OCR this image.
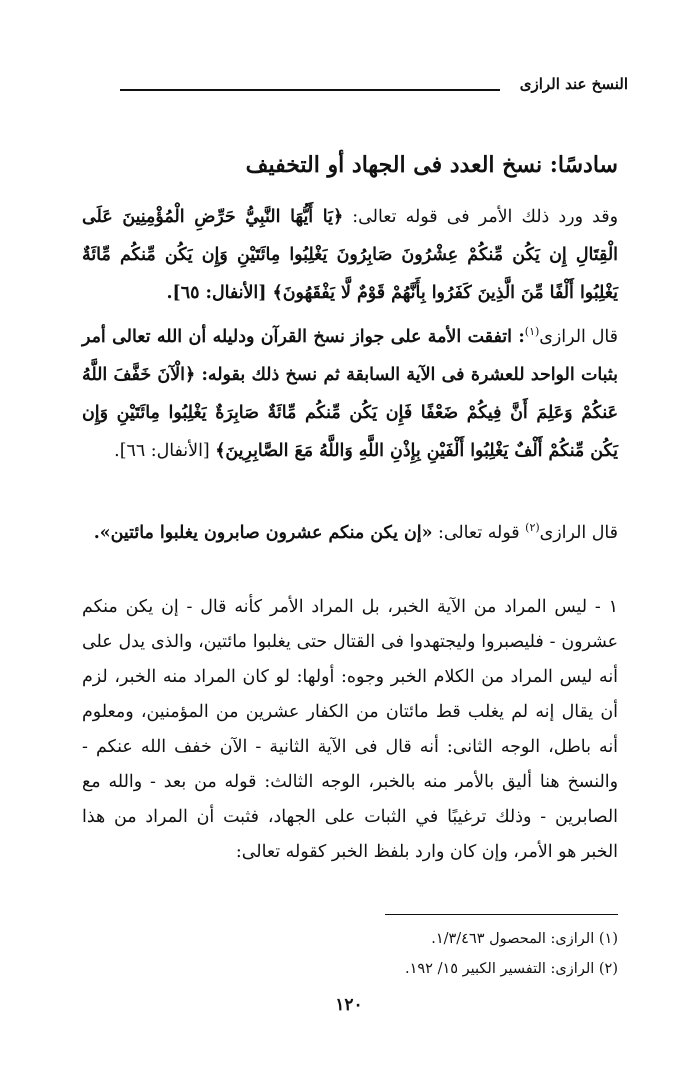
النسخ عند الرازى
سادسًا: نسخ العدد فى الجهاد أو التخفيف

وقد ورد ذلك الأمر فى قوله تعالى: ﴿يَا أَيُّهَا النَّبِيُّ حَرِّضِ الْمُؤْمِنِينَ عَلَى الْقِتَالِ إِن يَكُن مِّنكُمْ عِشْرُونَ صَابِرُونَ يَغْلِبُوا مِائَتَيْنِ وَإِن يَكُن مِّنكُم مِّائَةٌ يَغْلِبُوا أَلْفًا مِّنَ الَّذِينَ كَفَرُوا بِأَنَّهُمْ قَوْمٌ لَّا يَفْقَهُونَ﴾ [الأنفال: ٦٥].

قال الرازى$^{(١)}$: اتفقت الأمة على جواز نسخ القرآن ودليله أن الله تعالى أمر بثبات الواحد للعشرة فى الآية السابقة ثم نسخ ذلك بقوله: ﴿الْآنَ خَفَّفَ اللَّهُ عَنكُمْ وَعَلِمَ أَنَّ فِيكُمْ ضَعْفًا فَإِن يَكُن مِّنكُم مِّائَةٌ صَابِرَةٌ يَغْلِبُوا مِائَتَيْنِ وَإِن يَكُن مِّنكُمْ أَلْفٌ يَغْلِبُوا أَلْفَيْنِ بِإِذْنِ اللَّهِ وَاللَّهُ مَعَ الصَّابِرِينَ﴾ [الأنفال: ٦٦].

قال الرازى$^{(٢)}$ قوله تعالى: «إن يكن منكم عشرون صابرون يغلبوا مائتين».

١ - ليس المراد من الآية الخبر، بل المراد الأمر كأنه قال - إن يكن منكم عشرون - فليصبروا وليجتهدوا فى القتال حتى يغلبوا مائتين، والذى يدل على أنه ليس المراد من الكلام الخبر وجوه: أولها: لو كان المراد منه الخبر، لزم أن يقال إنه لم يغلب قط مائتان من الكفار عشرين من المؤمنين، ومعلوم أنه باطل، الوجه الثانى: أنه قال فى الآية الثانية - الآن خفف الله عنكم - والنسخ هنا أليق بالأمر منه بالخبر، الوجه الثالث: قوله من بعد - والله مع الصابرين - وذلك ترغيبًا في الثبات على الجهاد، فثبت أن المراد من هذا الخبر هو الأمر، وإن كان وارد بلفظ الخبر كقوله تعالى:

(١) الرازى: المحصول ١/٣/٤٦٣.
(٢) الرازى: التفسير الكبير ١٥/ ١٩٢.
١٢٠
